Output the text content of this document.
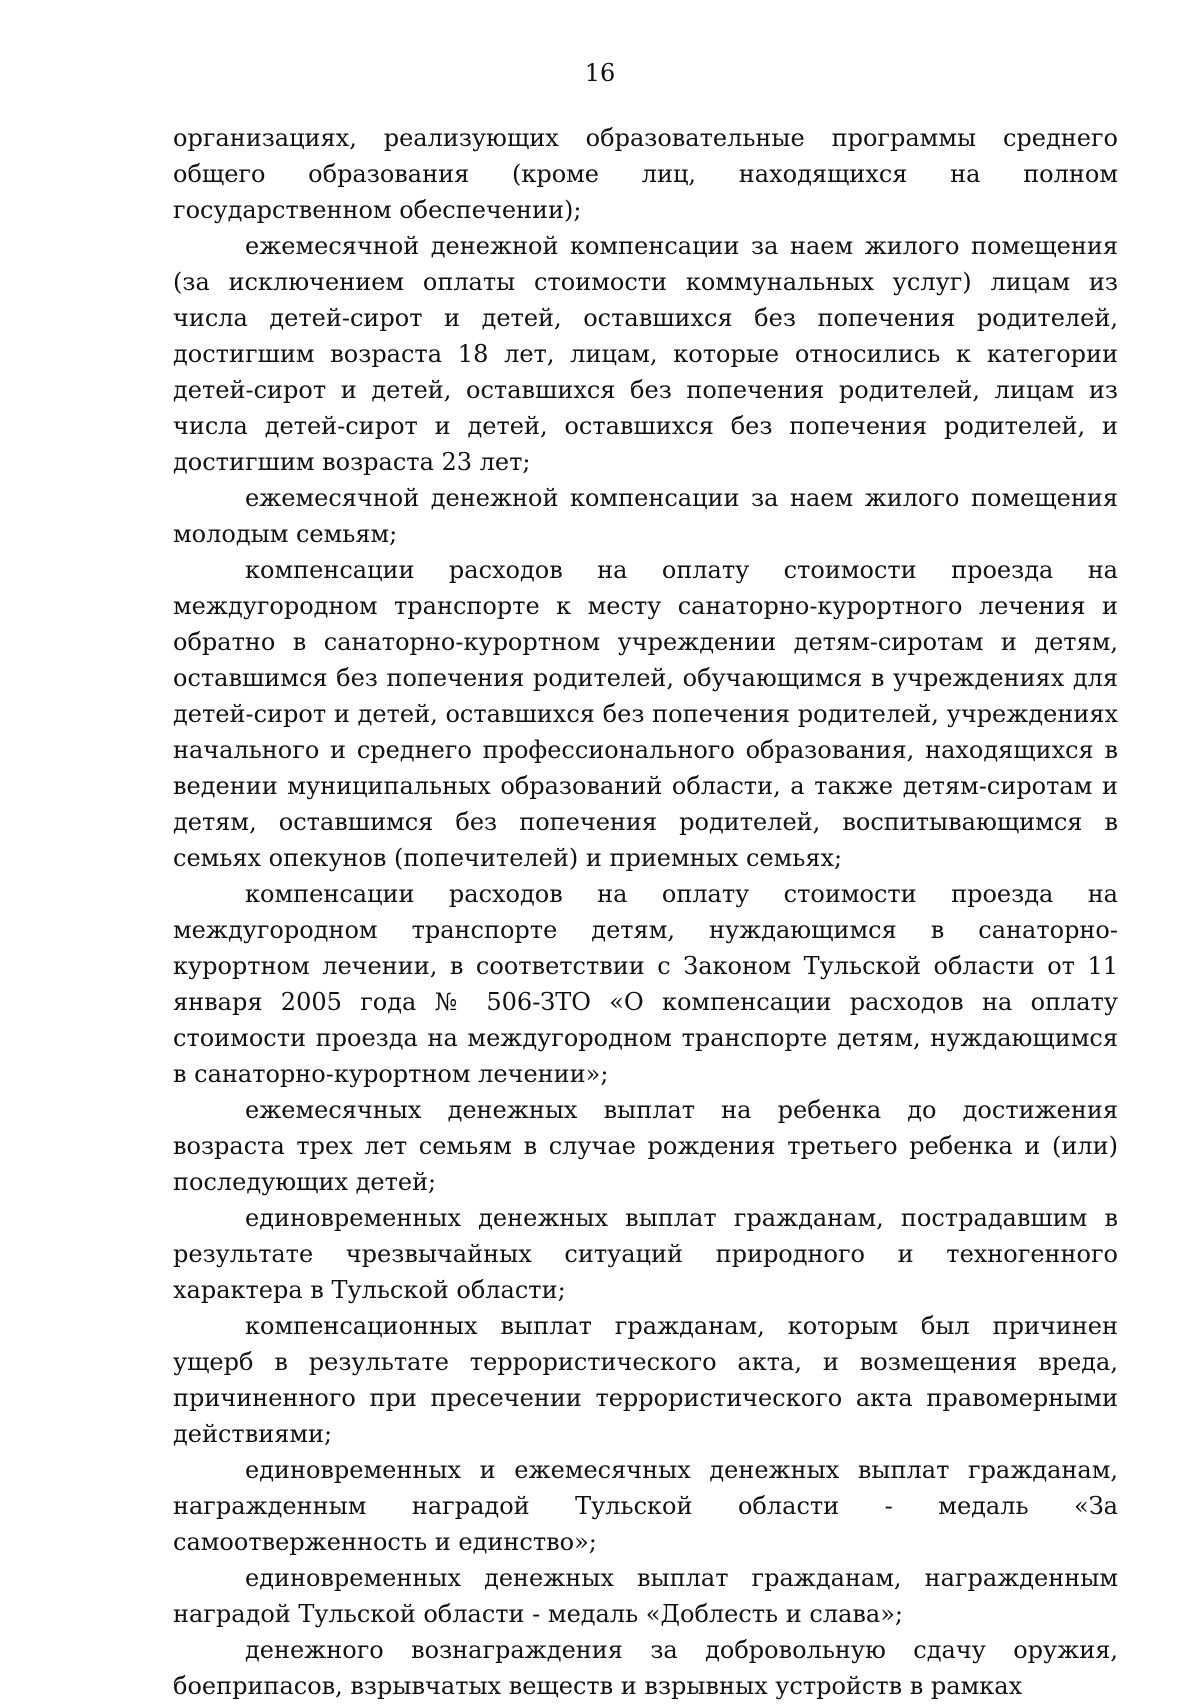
16

организациях, реализующих образовательные программы среднего общего образования (кроме лиц, находящихся на полном государственном обеспечении);

ежемесячной денежной компенсации за наем жилого помещения (за исключением оплаты стоимости коммунальных услуг) лицам из числа детей-сирот и детей, оставшихся без попечения родителей, достигшим возраста 18 лет, лицам, которые относились к категории детей-сирот и детей, оставшихся без попечения родителей, лицам из числа детей-сирот и детей, оставшихся без попечения родителей, и достигшим возраста 23 лет;

ежемесячной денежной компенсации за наем жилого помещения молодым семьям;

компенсации расходов на оплату стоимости проезда на междугородном транспорте к месту санаторно-курортного лечения и обратно в санаторно-курортном учреждении детям-сиротам и детям, оставшимся без попечения родителей, обучающимся в учреждениях для детей-сирот и детей, оставшихся без попечения родителей, учреждениях начального и среднего профессионального образования, находящихся в ведении муниципальных образований области, а также детям-сиротам и детям, оставшимся без попечения родителей, воспитывающимся в семьях опекунов (попечителей) и приемных семьях;

компенсации расходов на оплату стоимости проезда на междугородном транспорте детям, нуждающимся в санаторно-курортном лечении, в соответствии с Законом Тульской области от 11 января 2005 года № 506-ЗТО «О компенсации расходов на оплату стоимости проезда на междугородном транспорте детям, нуждающимся в санаторно-курортном лечении»;

ежемесячных денежных выплат на ребенка до достижения возраста трех лет семьям в случае рождения третьего ребенка и (или) последующих детей;

единовременных денежных выплат гражданам, пострадавшим в результате чрезвычайных ситуаций природного и техногенного характера в Тульской области;

компенсационных выплат гражданам, которым был причинен ущерб в результате террористического акта, и возмещения вреда, причиненного при пресечении террористического акта правомерными действиями;

единовременных и ежемесячных денежных выплат гражданам, награжденным наградой Тульской области - медаль «За самоотверженность и единство»;

единовременных денежных выплат гражданам, награжденным наградой Тульской области - медаль «Доблесть и слава»;

денежного вознаграждения за добровольную сдачу оружия, боеприпасов, взрывчатых веществ и взрывных устройств в рамках
